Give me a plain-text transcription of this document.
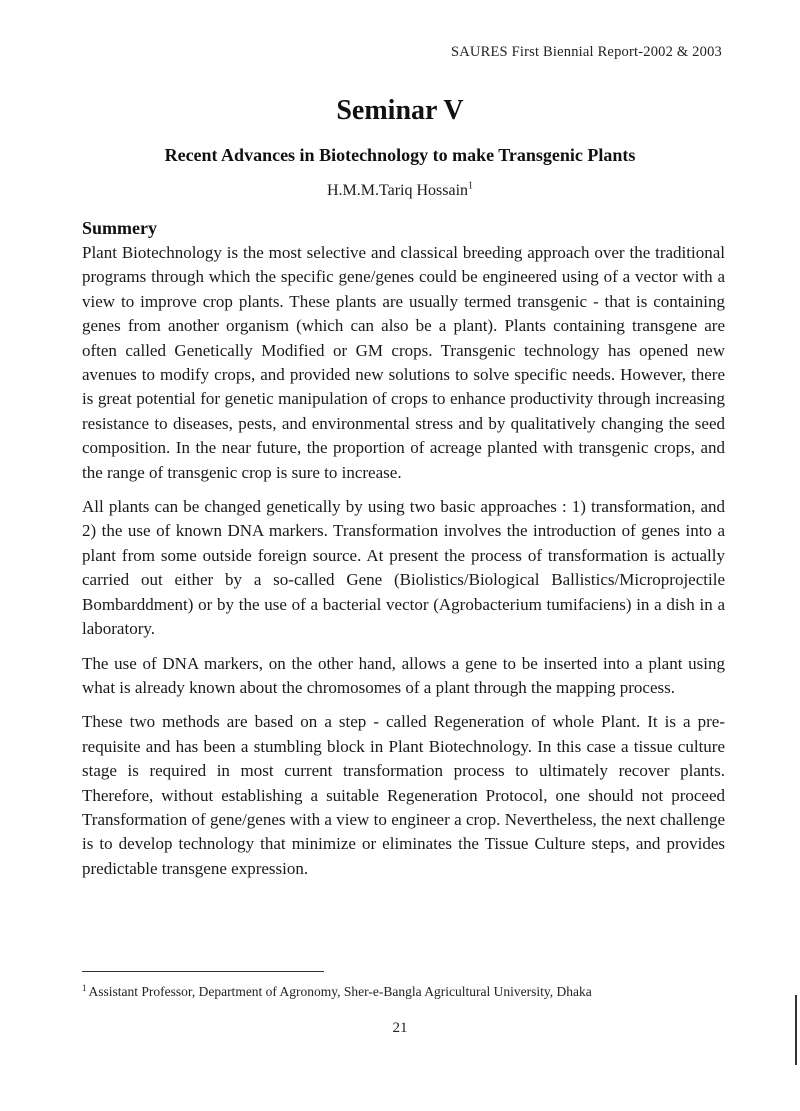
SAURES First Biennial Report-2002 & 2003
Seminar V
Recent Advances in Biotechnology to make Transgenic Plants
H.M.M.Tariq Hossain$^1$
Summery

Plant Biotechnology is the most selective and classical breeding approach over the traditional programs through which the specific gene/genes could be engineered using of a vector with a view to improve crop plants. These plants are usually termed transgenic - that is containing genes from another organism (which can also be a plant). Plants containing transgene are often called Genetically Modified or GM crops. Transgenic technology has opened new avenues to modify crops, and provided new solutions to solve specific needs. However, there is great potential for genetic manipulation of crops to enhance productivity through increasing resistance to diseases, pests, and environmental stress and by qualitatively changing the seed composition. In the near future, the proportion of acreage planted with transgenic crops, and the range of transgenic crop is sure to increase.

All plants can be changed genetically by using two basic approaches : 1) transformation, and 2) the use of known DNA markers. Transformation involves the introduction of genes into a plant from some outside foreign source. At present the process of transformation is actually carried out either by a so-called Gene (Biolistics/Biological Ballistics/Microprojectile Bombarddment) or by the use of a bacterial vector (Agrobacterium tumifaciens) in a dish in a laboratory.

The use of DNA markers, on the other hand, allows a gene to be inserted into a plant using what is already known about the chromosomes of a plant through the mapping process.

These two methods are based on a step - called Regeneration of whole Plant. It is a pre-requisite and has been a stumbling block in Plant Biotechnology. In this case a tissue culture stage is required in most current transformation process to ultimately recover plants. Therefore, without establishing a suitable Regeneration Protocol, one should not proceed Transformation of gene/genes with a view to engineer a crop. Nevertheless, the next challenge is to develop technology that minimize or eliminates the Tissue Culture steps, and provides predictable transgene expression.

$^1$ Assistant Professor, Department of Agronomy, Sher-e-Bangla Agricultural University, Dhaka
21
